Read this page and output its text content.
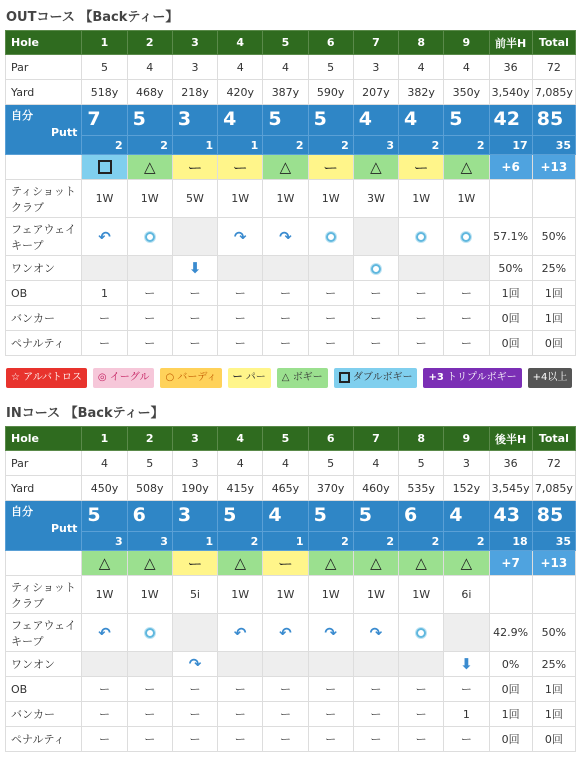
OUTコース 【Backティー】
Hole	1	2	3	4	5	6	7	8	9	前半H	Total
Par	5	4	3	4	4	5	3	4	4	36	72
Yard	518y	468y	218y	420y	387y	590y	207y	382y	350y	3,540y	7,085y

自分
Putt	7	5	3	4	5	5	4	4	5	42	85

	2	2	1	1	2	2	3	2	2	17	35
		△	ー	ー	△	ー	△	ー	△	+6	+13

ティショット
クラブ	1W	1W	5W	1W	1W	1W	3W	1W	1W		

フェアウェイ
キープ	↶			↷	↷					57.1%	50%
ワンオン			⬇							50%	25%
OB	1	ー	ー	ー	ー	ー	ー	ー	ー	1回	1回
バンカー	ー	ー	ー	ー	ー	ー	ー	ー	ー	0回	1回
ペナルティ	ー	ー	ー	ー	ー	ー	ー	ー	ー	0回	0回
☆ アルバトロス	◎ イーグル	○ バーディ	ー パー	△ ボギー	ダブルボギー	+3 トリプルボギー	+4以上
INコース 【Backティー】
Hole	1	2	3	4	5	6	7	8	9	後半H	Total
Par	4	5	3	4	4	5	4	5	3	36	72
Yard	450y	508y	190y	415y	465y	370y	460y	535y	152y	3,545y	7,085y

自分
Putt	5	6	3	5	4	5	5	6	4	43	85

	3	3	1	2	1	2	2	2	2	18	35
	△	△	ー	△	ー	△	△	△	△	+7	+13

ティショット
クラブ	1W	1W	5i	1W	1W	1W	1W	1W	6i		

フェアウェイ
キープ	↶			↶	↶	↷	↷			42.9%	50%
ワンオン			↷						⬇	0%	25%
OB	ー	ー	ー	ー	ー	ー	ー	ー	ー	0回	1回
バンカー	ー	ー	ー	ー	ー	ー	ー	ー	1	1回	1回
ペナルティ	ー	ー	ー	ー	ー	ー	ー	ー	ー	0回	0回
